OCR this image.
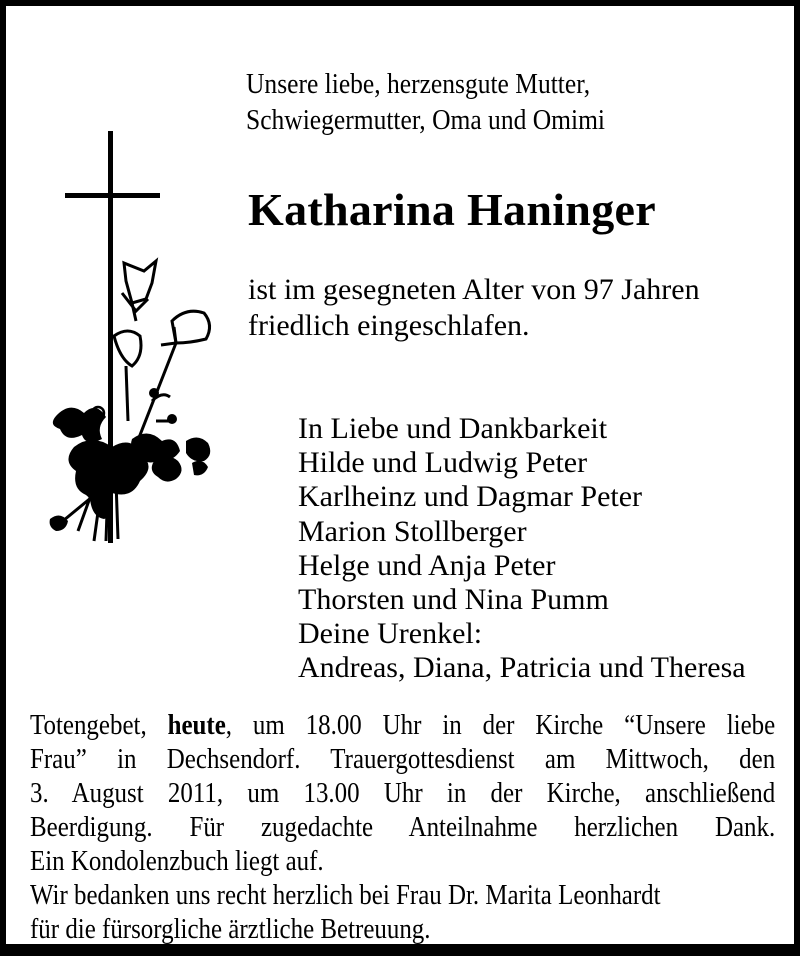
Unsere liebe, herzensgute Mutter,
Schwiegermutter, Oma und Omimi
Katharina Haninger
ist im gesegneten Alter von 97 Jahren
friedlich eingeschlafen.
In Liebe und Dankbarkeit
Hilde und Ludwig Peter
Karlheinz und Dagmar Peter
Marion Stollberger
Helge und Anja Peter
Thorsten und Nina Pumm
Deine Urenkel:
Andreas, Diana, Patricia und Theresa
Totengebet, heute, um 18.00 Uhr in der Kirche “Unsere liebe
Frau” in Dechsendorf. Trauergottesdienst am Mittwoch, den
3. August 2011, um 13.00 Uhr in der Kirche, anschließend
Beerdigung. Für zugedachte Anteilnahme herzlichen Dank.
Ein Kondolenzbuch liegt auf.
Wir bedanken uns recht herzlich bei Frau Dr. Marita Leonhardt
für die fürsorgliche ärztliche Betreuung.
